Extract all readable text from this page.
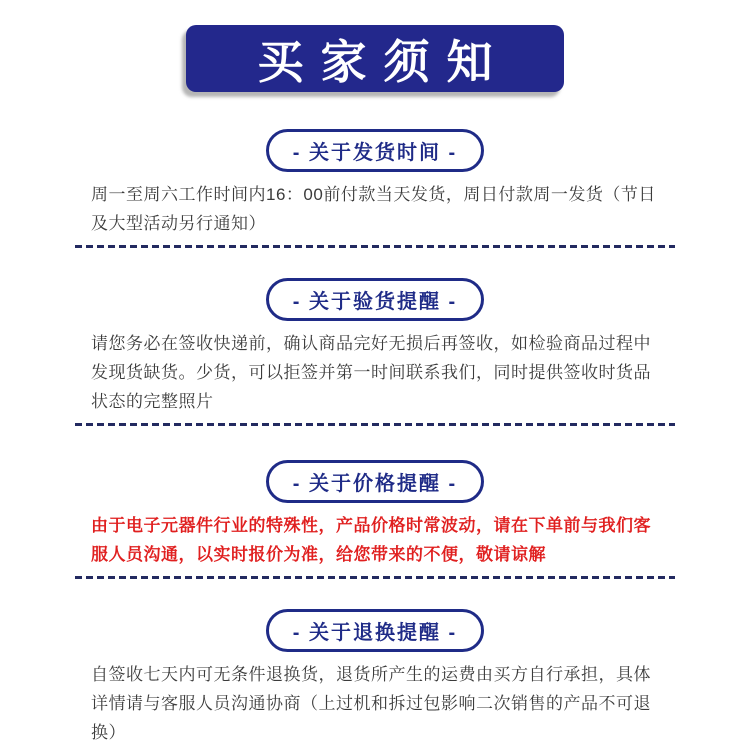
买家须知
- 关于发货时间 -

周一至周六工作时间内16：00前付款当天发货，周日付款周一发货（节日及大型活动另行通知）

- 关于验货提醒 -

请您务必在签收快递前，确认商品完好无损后再签收，如检验商品过程中发现货缺货。少货，可以拒签并第一时间联系我们，同时提供签收时货品状态的完整照片

- 关于价格提醒 -

由于电子元器件行业的特殊性，产品价格时常波动，请在下单前与我们客服人员沟通，以实时报价为准，给您带来的不便，敬请谅解

- 关于退换提醒 -

自签收七天内可无条件退换货，退货所产生的运费由买方自行承担，具体详情请与客服人员沟通协商（上过机和拆过包影响二次销售的产品不可退换）
